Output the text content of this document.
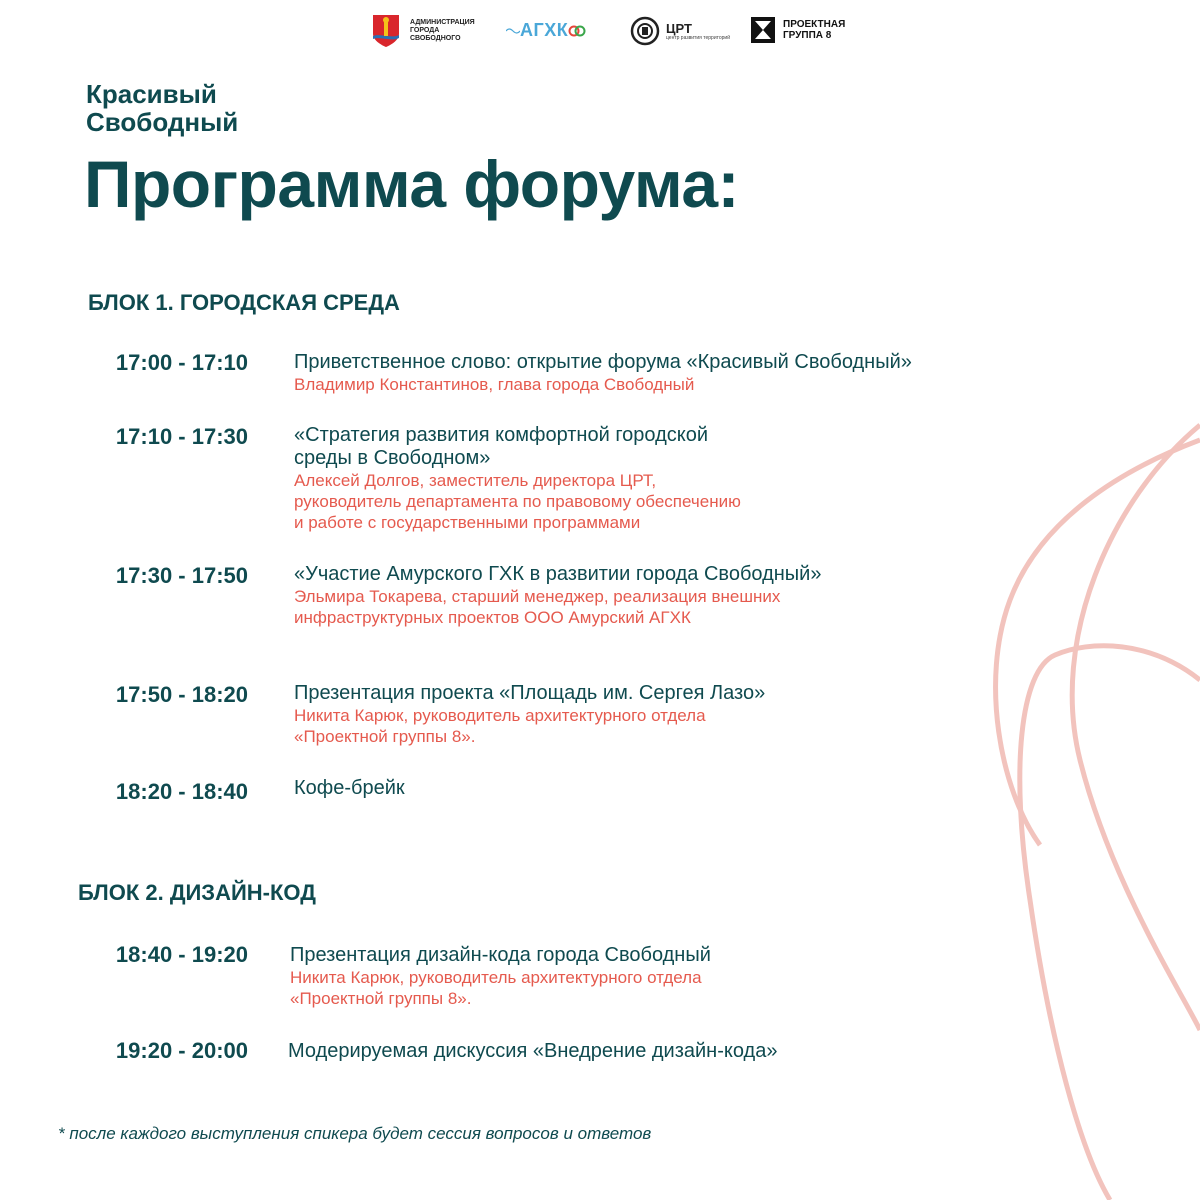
АДМИНИСТРАЦИЯ
ГОРОДА
СВОБОДНОГО	АГХК	ЦРТ
центр развития территорий
ПРОЕКТНАЯ
ГРУППА 8
Красивый
Свободный
Программа форума:
БЛОК 1. ГОРОДСКАЯ СРЕДА
17:00 - 17:10 Приветственное слово: открытие форума «Красивый Свободный»
Владимир Константинов, глава города Свободный
17:10 - 17:30 «Стратегия развития комфортной городской
среды в Свободном»
Алексей Долгов, заместитель директора ЦРТ,
руководитель департамента по правовому обеспечению
и работе с государственными программами
17:30 - 17:50 «Участие Амурского ГХК в развитии города Свободный»
Эльмира Токарева, старший менеджер, реализация внешних
инфраструктурных проектов ООО Амурский АГХК
17:50 - 18:20 Презентация проекта «Площадь им. Сергея Лазо»
Никита Карюк, руководитель архитектурного отдела
«Проектной группы 8».
18:20 - 18:40 Кофе-брейк
БЛОК 2. ДИЗАЙН-КОД
18:40 - 19:20 Презентация дизайн-кода города Свободный
Никита Карюк, руководитель архитектурного отдела
«Проектной группы 8».
19:20 - 20:00 Модерируемая дискуссия «Внедрение дизайн-кода»
* после каждого выступления спикера будет сессия вопросов и ответов
